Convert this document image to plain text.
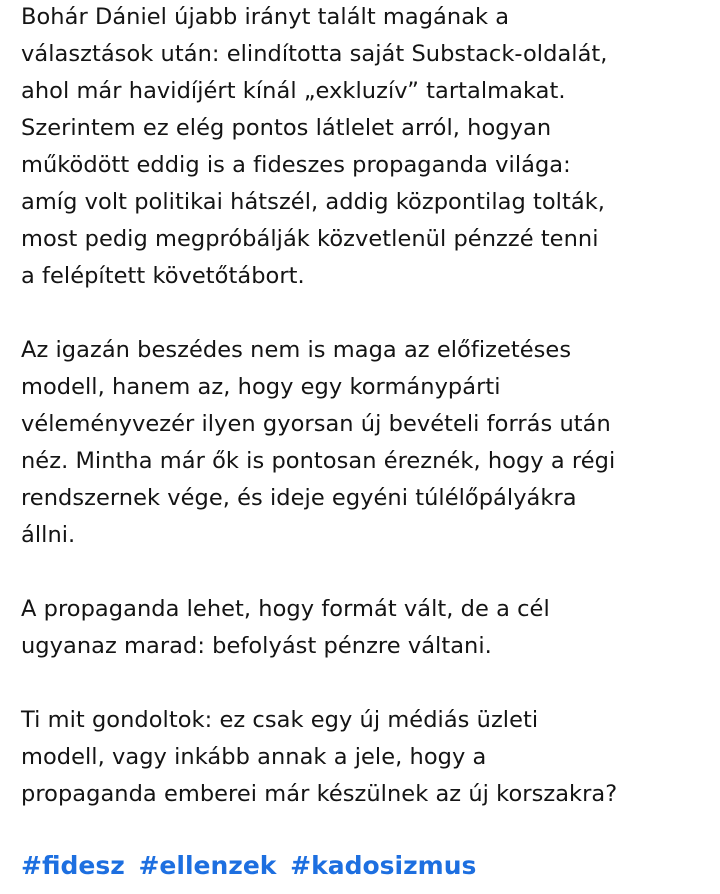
Bohár Dániel újabb irányt talált magának a
választások után: elindította saját Substack-oldalát,
ahol már havidíjért kínál „exkluzív” tartalmakat.
Szerintem ez elég pontos látlelet arról, hogyan
működött eddig is a fideszes propaganda világa:
amíg volt politikai hátszél, addig központilag tolták,
most pedig megpróbálják közvetlenül pénzzé tenni
a felépített követőtábort.

Az igazán beszédes nem is maga az előfizetéses
modell, hanem az, hogy egy kormánypárti
véleményvezér ilyen gyorsan új bevételi forrás után
néz. Mintha már ők is pontosan éreznék, hogy a régi
rendszernek vége, és ideje egyéni túlélőpályákra
állni.

A propaganda lehet, hogy formát vált, de a cél
ugyanaz marad: befolyást pénzre váltani.

Ti mit gondoltok: ez csak egy új médiás üzleti
modell, vagy inkább annak a jele, hogy a
propaganda emberei már készülnek az új korszakra?

#fidesz #ellenzek #kadosizmus
